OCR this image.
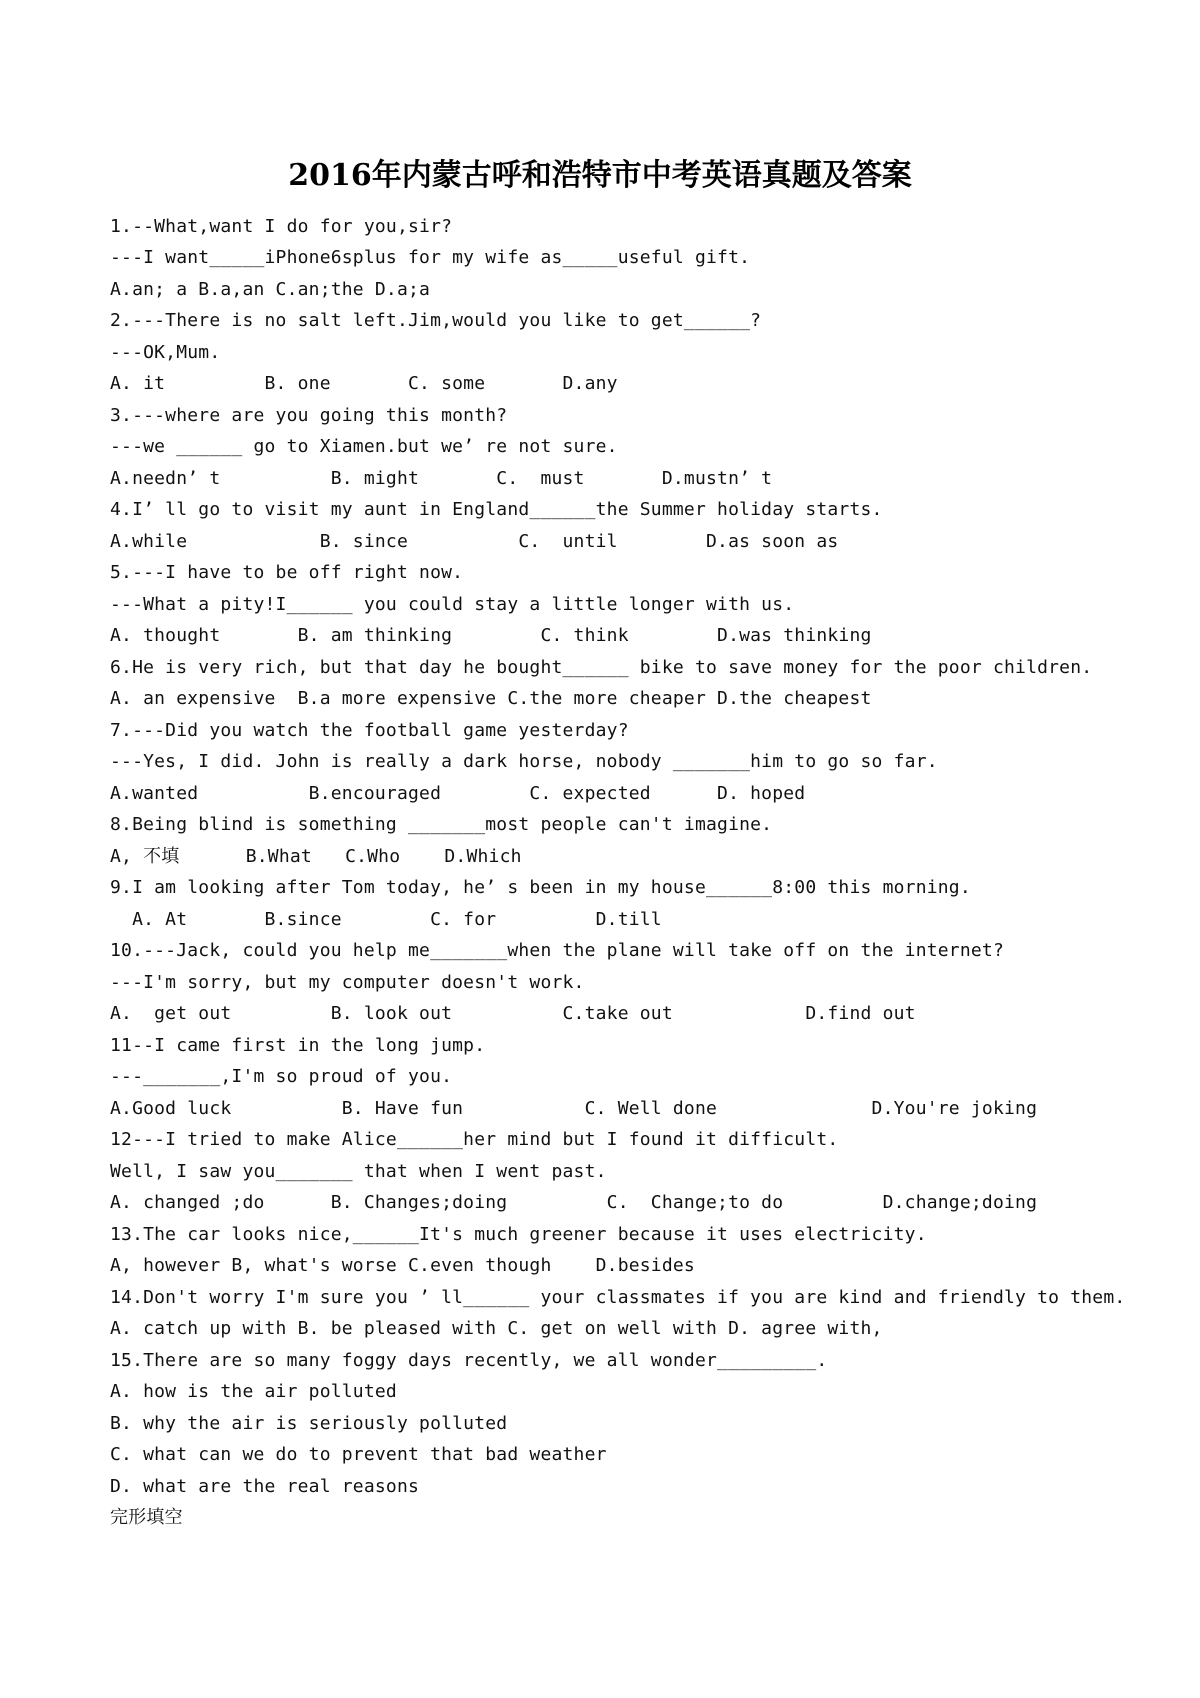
2016年内蒙古呼和浩特市中考英语真题及答案
1.--What,want I do for you,sir?
---I want_____iPhone6splus for my wife as_____useful gift.
A.an; a B.a,an C.an;the D.a;a
2.---There is no salt left.Jim,would you like to get______?
---OK,Mum.
A. it         B. one       C. some       D.any
3.---where are you going this month?
---we ______ go to Xiamen.but we’ re not sure.
A.needn’ t          B. might       C.  must       D.mustn’ t
4.I’ ll go to visit my aunt in England______the Summer holiday starts.
A.while            B. since          C.  until        D.as soon as
5.---I have to be off right now.
---What a pity!I______ you could stay a little longer with us.
A. thought       B. am thinking        C. think        D.was thinking
6.He is very rich, but that day he bought______ bike to save money for the poor children.
A. an expensive  B.a more expensive C.the more cheaper D.the cheapest
7.---Did you watch the football game yesterday?
---Yes, I did. John is really a dark horse, nobody _______him to go so far.
A.wanted          B.encouraged        C. expected      D. hoped
8.Being blind is something _______most people can't imagine.
A, 不填      B.What   C.Who    D.Which
9.I am looking after Tom today, he’ s been in my house______8:00 this morning.
A. At       B.since        C. for         D.till
10.---Jack, could you help me_______when the plane will take off on the internet?
---I'm sorry, but my computer doesn't work.
A.  get out         B. look out          C.take out            D.find out
11--I came first in the long jump.
---_______,I'm so proud of you.
A.Good luck          B. Have fun           C. Well done              D.You're joking
12---I tried to make Alice______her mind but I found it difficult.
Well, I saw you_______ that when I went past.
A. changed ;do      B. Changes;doing         C.  Change;to do         D.change;doing
13.The car looks nice,______It's much greener because it uses electricity.
A, however B, what's worse C.even though    D.besides
14.Don't worry I'm sure you ’ ll______ your classmates if you are kind and friendly to them.
A. catch up with B. be pleased with C. get on well with D. agree with,
15.There are so many foggy days recently, we all wonder_________.
A. how is the air polluted
B. why the air is seriously polluted
C. what can we do to prevent that bad weather
D. what are the real reasons
完形填空
